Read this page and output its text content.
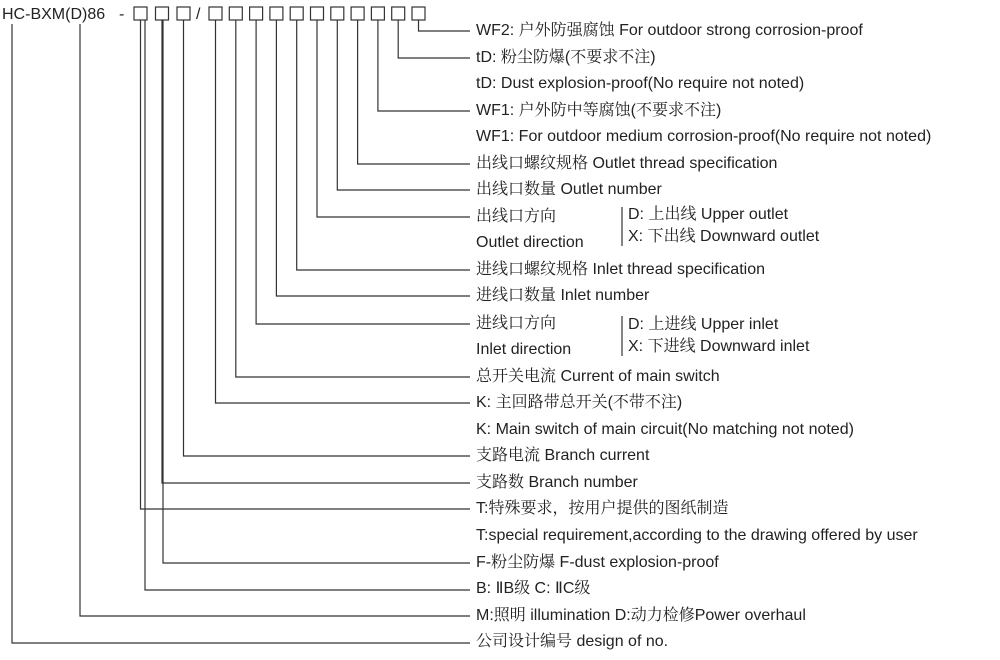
HC-BXM(D)86 -	/
WF2: 户外防强腐蚀 For outdoor strong corrosion-proof
tD: 粉尘防爆(不要求不注)
tD: Dust explosion-proof(No require not noted)
WF1: 户外防中等腐蚀(不要求不注)
WF1: For outdoor medium corrosion-proof(No require not noted)
出线口螺纹规格 Outlet thread specification
出线口数量 Outlet number
出线口方向
Outlet direction
D: 上出线 Upper outlet
X: 下出线 Downward outlet
进线口螺纹规格 Inlet thread specification
进线口数量 Inlet number
进线口方向
Inlet direction
D: 上进线 Upper inlet
X: 下进线 Downward inlet
总开关电流 Current of main switch
K: 主回路带总开关(不带不注)
K: Main switch of main circuit(No matching not noted)
支路电流 Branch current
支路数 Branch number
T:特殊要求，按用户提供的图纸制造
T:special requirement,according to the drawing offered by user
F-粉尘防爆 F-dust explosion-proof
B: ⅡB级 C: ⅡC级
M:照明 illumination D:动力检修Power overhaul
公司设计编号 design of no.
